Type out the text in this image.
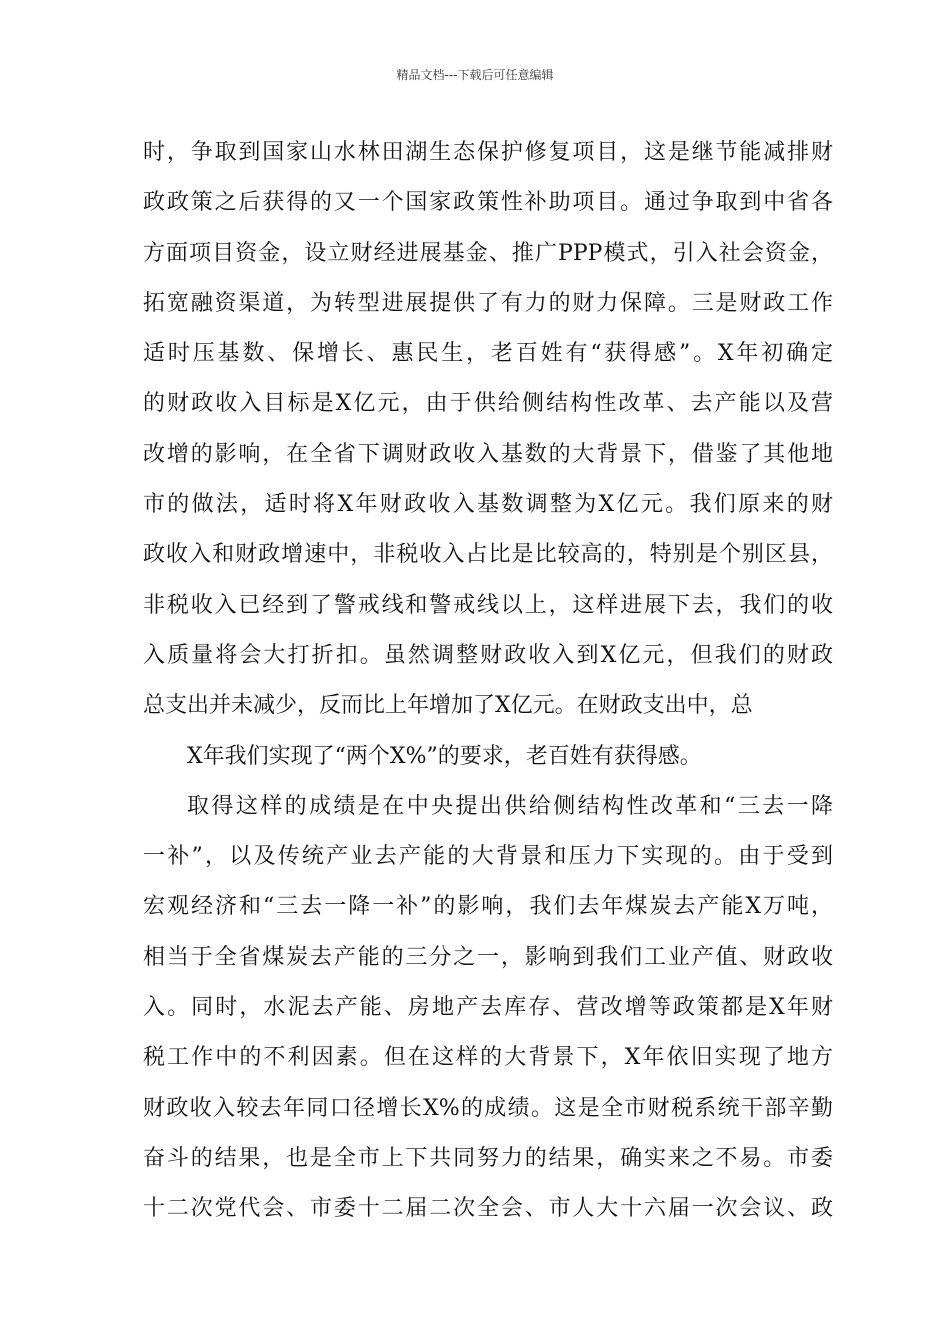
精品文档---下载后可任意编辑
时，争取到国家山水林田湖生态保护修复项目，这是继节能减排财
政政策之后获得的又一个国家政策性补助项目。通过争取到中省各
方面项目资金，设立财经进展基金、推广PPP模式，引入社会资金，
拓宽融资渠道，为转型进展提供了有力的财力保障。三是财政工作
适时压基数、保增长、惠民生，老百姓有“获得感”。X年初确定
的财政收入目标是X亿元，由于供给侧结构性改革、去产能以及营
改增的影响，在全省下调财政收入基数的大背景下，借鉴了其他地
市的做法，适时将X年财政收入基数调整为X亿元。我们原来的财
政收入和财政增速中，非税收入占比是比较高的，特别是个别区县，
非税收入已经到了警戒线和警戒线以上，这样进展下去，我们的收
入质量将会大打折扣。虽然调整财政收入到X亿元，但我们的财政
总支出并未减少，反而比上年增加了X亿元。在财政支出中，总
X年我们实现了“两个X%”的要求，老百姓有获得感。
取得这样的成绩是在中央提出供给侧结构性改革和“三去一降
一补”，以及传统产业去产能的大背景和压力下实现的。由于受到
宏观经济和“三去一降一补”的影响，我们去年煤炭去产能X万吨，
相当于全省煤炭去产能的三分之一，影响到我们工业产值、财政收
入。同时，水泥去产能、房地产去库存、营改增等政策都是X年财
税工作中的不利因素。但在这样的大背景下，X年依旧实现了地方
财政收入较去年同口径增长X%的成绩。这是全市财税系统干部辛勤
奋斗的结果，也是全市上下共同努力的结果，确实来之不易。市委
十二次党代会、市委十二届二次全会、市人大十六届一次会议、政
